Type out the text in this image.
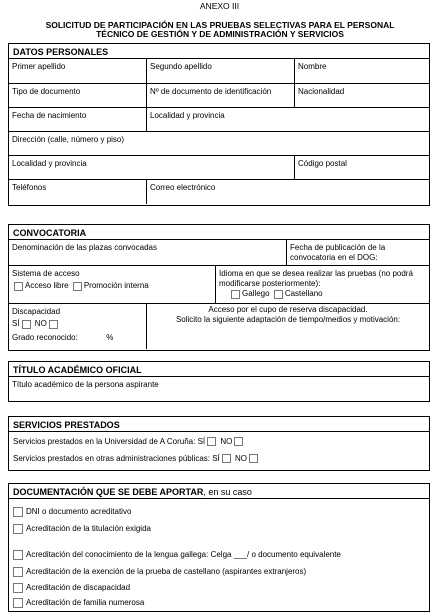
ANEXO III
SOLICITUD DE PARTICIPACIÓN EN LAS PRUEBAS SELECTIVAS PARA EL PERSONAL
TÉCNICO DE GESTIÓN Y DE ADMINISTRACIÓN Y SERVICIOS
DATOS PERSONALES
Primer apellido	Segundo apellido	Nombre
Tipo de documento	Nº de documento de identificación	Nacionalidad
Fecha de nacimiento	Localidad y provincia
Dirección (calle, número y piso)
Localidad y provincia	Código postal
Teléfonos	Correo electrónico
CONVOCATORIA
Denominación de las plazas convocadas	Fecha de publicación de la convocatoria en el DOG:
Sistema de acceso
Acceso libre Promoción interna
Idioma en que se desea realizar las pruebas (no podrá modificarse posteriormente):
Gallego Castellano
Discapacidad
SÍ NO
Grado reconocido:	%
Acceso por el cupo de reserva discapacidad.
Solicito la siguiente adaptación de tiempo/medios y motivación:
TÍTULO ACADÉMICO OFICIAL
Título académico de la persona aspirante
SERVICIOS PRESTADOS
Servicios prestados en la Universidad de A Coruña: SÍ NO
Servicios prestados en otras administraciones públicas: SÍ NO
DOCUMENTACIÓN QUE SE DEBE APORTAR, en su caso
DNI o documento acreditativo
Acreditación de la titulación exigida
Acreditación del conocimiento de la lengua gallega: Celga ___/ o documento equivalente
Acreditación de la exención de la prueba de castellano (aspirantes extranjeros)
Acreditación de discapacidad
Acreditación de familia numerosa
